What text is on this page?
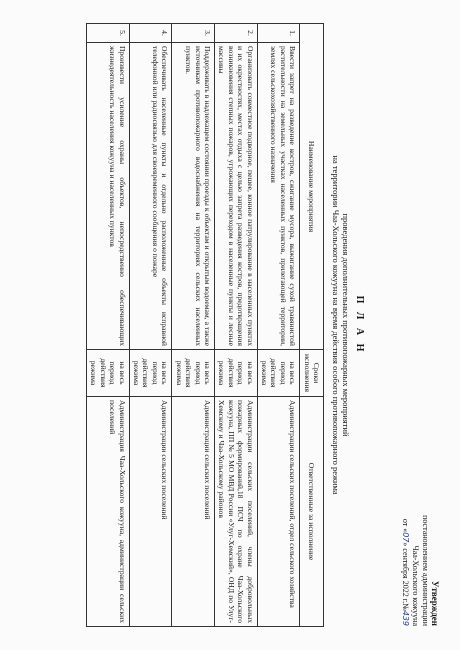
Утвержден
постановлением администрации
Чаа-Хольского кожууна
от «07» сентября 2022 г.№439
П Л А Н
проведения дополнительных противопожарных мероприятий
на территории Чаа-Хольского кожууна на время действия особого противопожарного режима
Наименование мероприятия		Сроки исполнения	Ответственные за исполнение
1.	Ввести запрет на разведение костров, сжигание мусора, выжигание сухой травянистой растительности на земельных участках населенных пунктов, прилегающей территории, землях сельскохозяйственного назначения	на весь период действия режима	Администрации сельских поселений, отдел сельского хозяйства
2.	Организовать совместное подворное, пешее, конное патрулирование в населенных пунктах и их окрестностях, местах отдыха с целью запрета разведения костров, предотвращения возникновения степных пожаров, угрожающих переходом в населенные пункты и лесные массивы	на весь период действия режима	Администрации сельских поселений, члены добровольных пожарных формирований,18 ПСЧ по охране Чаа-Хольского кожууна, ПП № 5 МО МВД России «Улуг-Хемский», ОНД по Улуг-Хемскому и Чаа-Хольскому районов
3.	Поддерживать в надлежащем состоянии проезды к объектам и открытым водоемам, а также источникам противопожарного водоснабжения на территориях сельских населенных пунктов.	на весь период действия режима	Администрации сельских поселений
4.	Обеспечивать населенные пункты и отдельно расположенные объекты исправной телефонной или радиосвязью для своевременного сообщения о пожаре	на весь период действия режима	Администрации сельских поселений
5.	Произвести усиление охраны объектов, непосредственно обеспечивающих жизнедеятельность населения кожууна и населенных пунктов	на весь период действия режима	Администрация Чаа-Хольского кожууна, администрации сельских поселений
